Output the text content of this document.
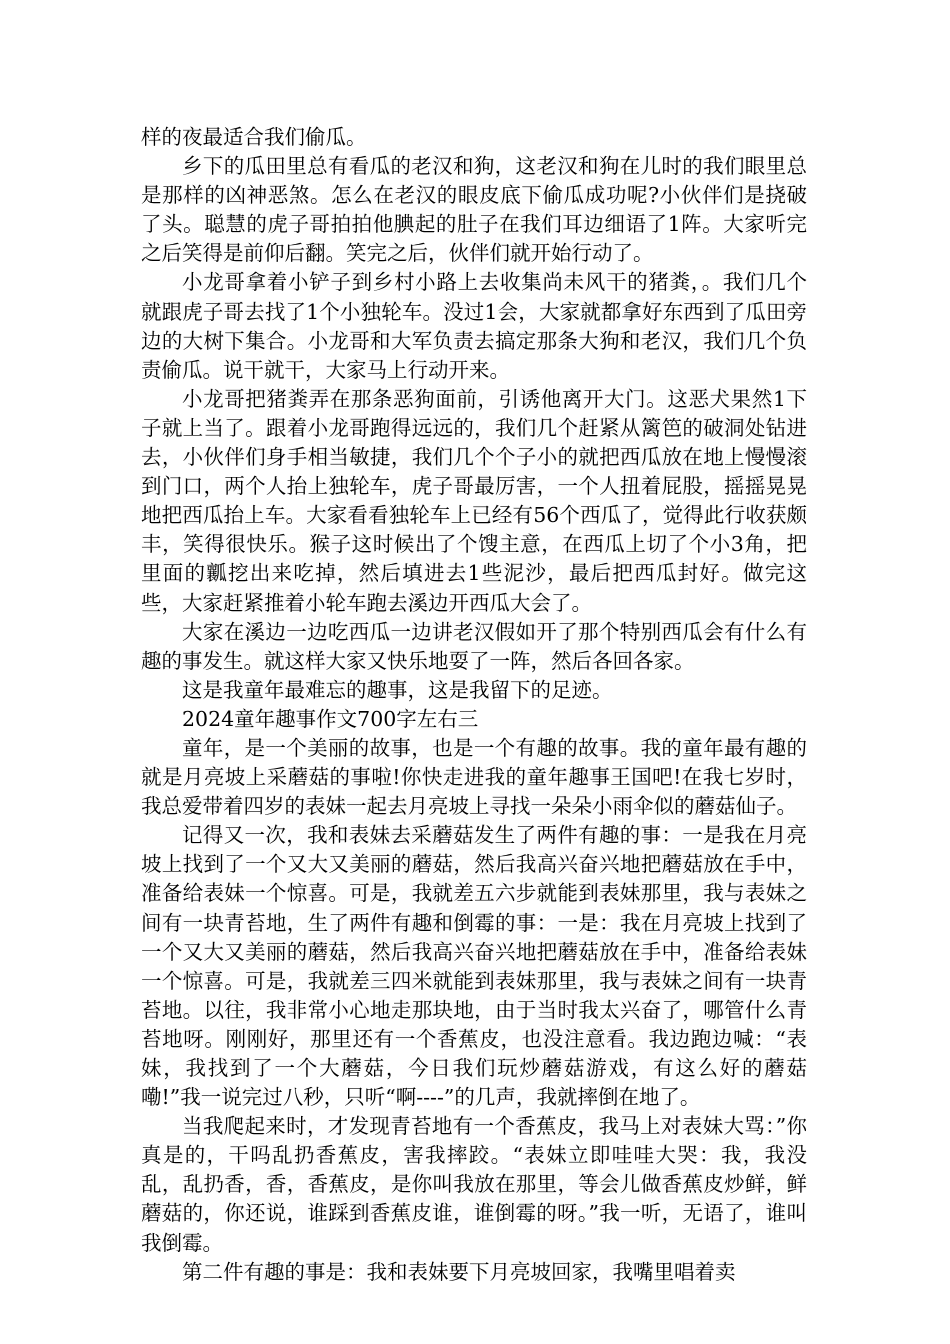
样的夜最适合我们偷瓜。

乡下的瓜田里总有看瓜的老汉和狗，这老汉和狗在儿时的我们眼里总是那样的凶神恶煞。怎么在老汉的眼皮底下偷瓜成功呢?小伙伴们是挠破了头。聪慧的虎子哥拍拍他腆起的肚子在我们耳边细语了1阵。大家听完之后笑得是前仰后翻。笑完之后，伙伴们就开始行动了。

小龙哥拿着小铲子到乡村小路上去收集尚未风干的猪粪，。我们几个就跟虎子哥去找了1个小独轮车。没过1会，大家就都拿好东西到了瓜田旁边的大树下集合。小龙哥和大军负责去搞定那条大狗和老汉，我们几个负责偷瓜。说干就干，大家马上行动开来。

小龙哥把猪粪弄在那条恶狗面前，引诱他离开大门。这恶犬果然1下子就上当了。跟着小龙哥跑得远远的，我们几个赶紧从篱笆的破洞处钻进去，小伙伴们身手相当敏捷，我们几个个子小的就把西瓜放在地上慢慢滚到门口，两个人抬上独轮车，虎子哥最厉害，一个人扭着屁股，摇摇晃晃地把西瓜抬上车。大家看看独轮车上已经有56个西瓜了，觉得此行收获颇丰，笑得很快乐。猴子这时候出了个馊主意，在西瓜上切了个小3角，把里面的瓤挖出来吃掉，然后填进去1些泥沙，最后把西瓜封好。做完这些，大家赶紧推着小轮车跑去溪边开西瓜大会了。

大家在溪边一边吃西瓜一边讲老汉假如开了那个特别西瓜会有什么有趣的事发生。就这样大家又快乐地耍了一阵，然后各回各家。

这是我童年最难忘的趣事，这是我留下的足迹。

2024童年趣事作文700字左右三

童年，是一个美丽的故事，也是一个有趣的故事。我的童年最有趣的就是月亮坡上采蘑菇的事啦!你快走进我的童年趣事王国吧!在我七岁时，我总爱带着四岁的表妹一起去月亮坡上寻找一朵朵小雨伞似的蘑菇仙子。

记得又一次，我和表妹去采蘑菇发生了两件有趣的事：一是我在月亮坡上找到了一个又大又美丽的蘑菇，然后我高兴奋兴地把蘑菇放在手中，准备给表妹一个惊喜。可是，我就差五六步就能到表妹那里，我与表妹之间有一块青苔地，生了两件有趣和倒霉的事：一是：我在月亮坡上找到了一个又大又美丽的蘑菇，然后我高兴奋兴地把蘑菇放在手中，准备给表妹一个惊喜。可是，我就差三四米就能到表妹那里，我与表妹之间有一块青苔地。以往，我非常小心地走那块地，由于当时我太兴奋了，哪管什么青苔地呀。刚刚好，那里还有一个香蕉皮，也没注意看。我边跑边喊：“表妹，我找到了一个大蘑菇，今日我们玩炒蘑菇游戏，有这么好的蘑菇嘞!”我一说完过八秒，只听“啊----”的几声，我就摔倒在地了。

当我爬起来时，才发现青苔地有一个香蕉皮，我马上对表妹大骂：”你真是的，干吗乱扔香蕉皮，害我摔跤。“表妹立即哇哇大哭：我，我没乱，乱扔香，香，香蕉皮，是你叫我放在那里，等会儿做香蕉皮炒鲜，鲜蘑菇的，你还说，谁踩到香蕉皮谁，谁倒霉的呀。”我一听，无语了，谁叫我倒霉。

第二件有趣的事是：我和表妹要下月亮坡回家，我嘴里唱着卖
